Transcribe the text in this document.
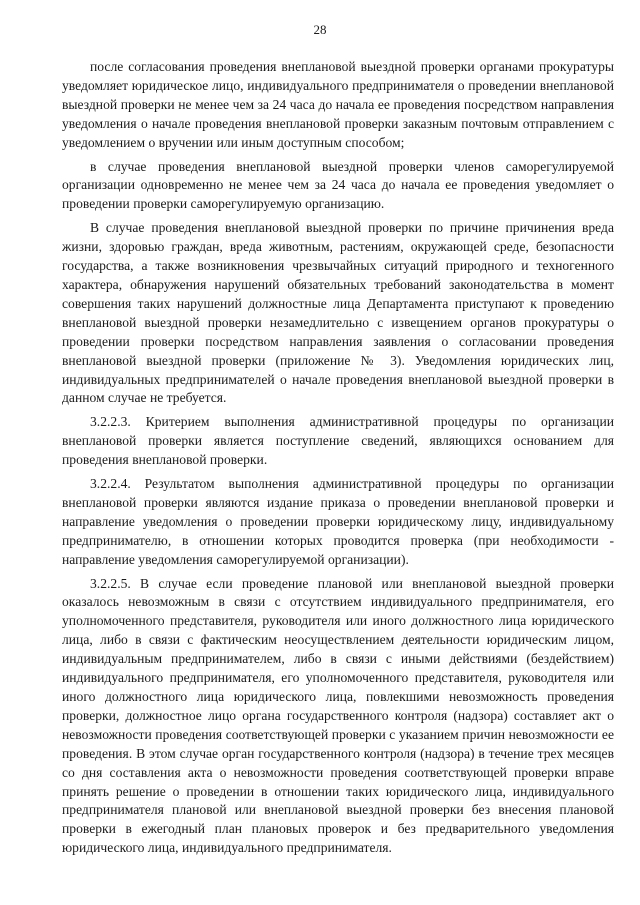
28

после согласования проведения внеплановой выездной проверки органами прокуратуры уведомляет юридическое лицо, индивидуального предпринимателя о проведении внеплановой выездной проверки не менее чем за 24 часа до начала ее проведения посредством направления уведомления о начале проведения внеплановой проверки заказным почтовым отправлением с уведомлением о вручении или иным доступным способом;

в случае проведения внеплановой выездной проверки членов саморегулируемой организации одновременно не менее чем за 24 часа до начала ее проведения уведомляет о проведении проверки саморегулируемую организацию.

В случае проведения внеплановой выездной проверки по причине причинения вреда жизни, здоровью граждан, вреда животным, растениям, окружающей среде, безопасности государства, а также возникновения чрезвычайных ситуаций природного и техногенного характера, обнаружения нарушений обязательных требований законодательства в момент совершения таких нарушений должностные лица Департамента приступают к проведению внеплановой выездной проверки незамедлительно с извещением органов прокуратуры о проведении проверки посредством направления заявления о согласовании проведения внеплановой выездной проверки (приложение № 3). Уведомления юридических лиц, индивидуальных предпринимателей о начале проведения внеплановой выездной проверки в данном случае не требуется.

3.2.2.3. Критерием выполнения административной процедуры по организации внеплановой проверки является поступление сведений, являющихся основанием для проведения внеплановой проверки.

3.2.2.4. Результатом выполнения административной процедуры по организации внеплановой проверки являются издание приказа о проведении внеплановой проверки и направление уведомления о проведении проверки юридическому лицу, индивидуальному предпринимателю, в отношении которых проводится проверка (при необходимости - направление уведомления саморегулируемой организации).

3.2.2.5. В случае если проведение плановой или внеплановой выездной проверки оказалось невозможным в связи с отсутствием индивидуального предпринимателя, его уполномоченного представителя, руководителя или иного должностного лица юридического лица, либо в связи с фактическим неосуществлением деятельности юридическим лицом, индивидуальным предпринимателем, либо в связи с иными действиями (бездействием) индивидуального предпринимателя, его уполномоченного представителя, руководителя или иного должностного лица юридического лица, повлекшими невозможность проведения проверки, должностное лицо органа государственного контроля (надзора) составляет акт о невозможности проведения соответствующей проверки с указанием причин невозможности ее проведения. В этом случае орган государственного контроля (надзора) в течение трех месяцев со дня составления акта о невозможности проведения соответствующей проверки вправе принять решение о проведении в отношении таких юридического лица, индивидуального предпринимателя плановой или внеплановой выездной проверки без внесения плановой проверки в ежегодный план плановых проверок и без предварительного уведомления юридического лица, индивидуального предпринимателя.
